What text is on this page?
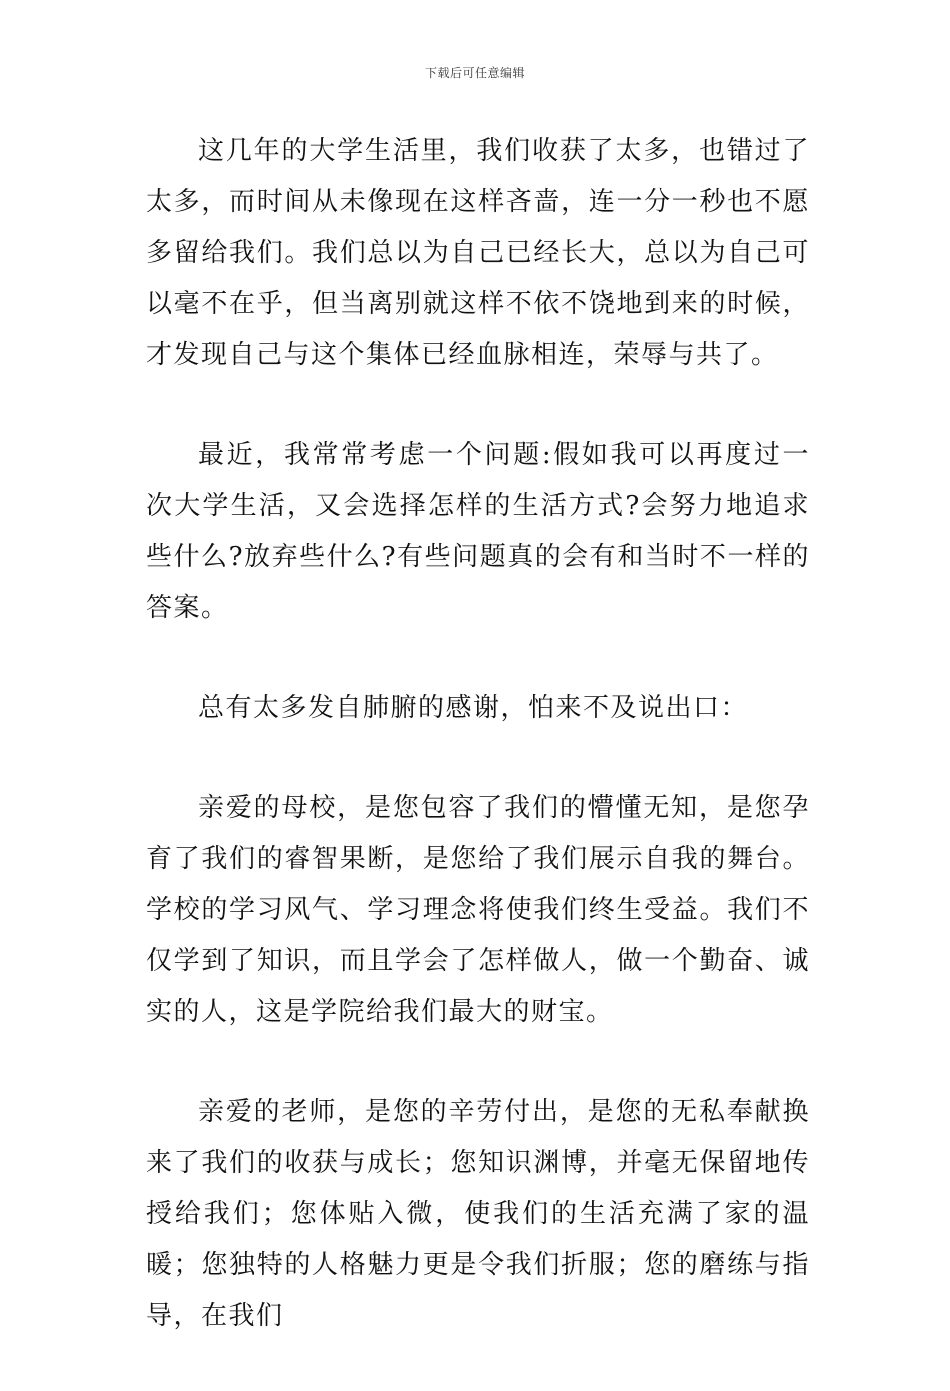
下载后可任意编辑

这几年的大学生活里，我们收获了太多，也错过了太多，而时间从未像现在这样吝啬，连一分一秒也不愿多留给我们。我们总以为自己已经长大，总以为自己可以毫不在乎，但当离别就这样不依不饶地到来的时候，才发现自己与这个集体已经血脉相连，荣辱与共了。

最近，我常常考虑一个问题:假如我可以再度过一次大学生活，又会选择怎样的生活方式?会努力地追求些什么?放弃些什么?有些问题真的会有和当时不一样的答案。

总有太多发自肺腑的感谢，怕来不及说出口：

亲爱的母校，是您包容了我们的懵懂无知，是您孕育了我们的睿智果断，是您给了我们展示自我的舞台。学校的学习风气、学习理念将使我们终生受益。我们不仅学到了知识，而且学会了怎样做人，做一个勤奋、诚实的人，这是学院给我们最大的财宝。

亲爱的老师，是您的辛劳付出，是您的无私奉献换来了我们的收获与成长；您知识渊博，并毫无保留地传授给我们；您体贴入微，使我们的生活充满了家的温暖；您独特的人格魅力更是令我们折服；您的磨练与指导，在我们
